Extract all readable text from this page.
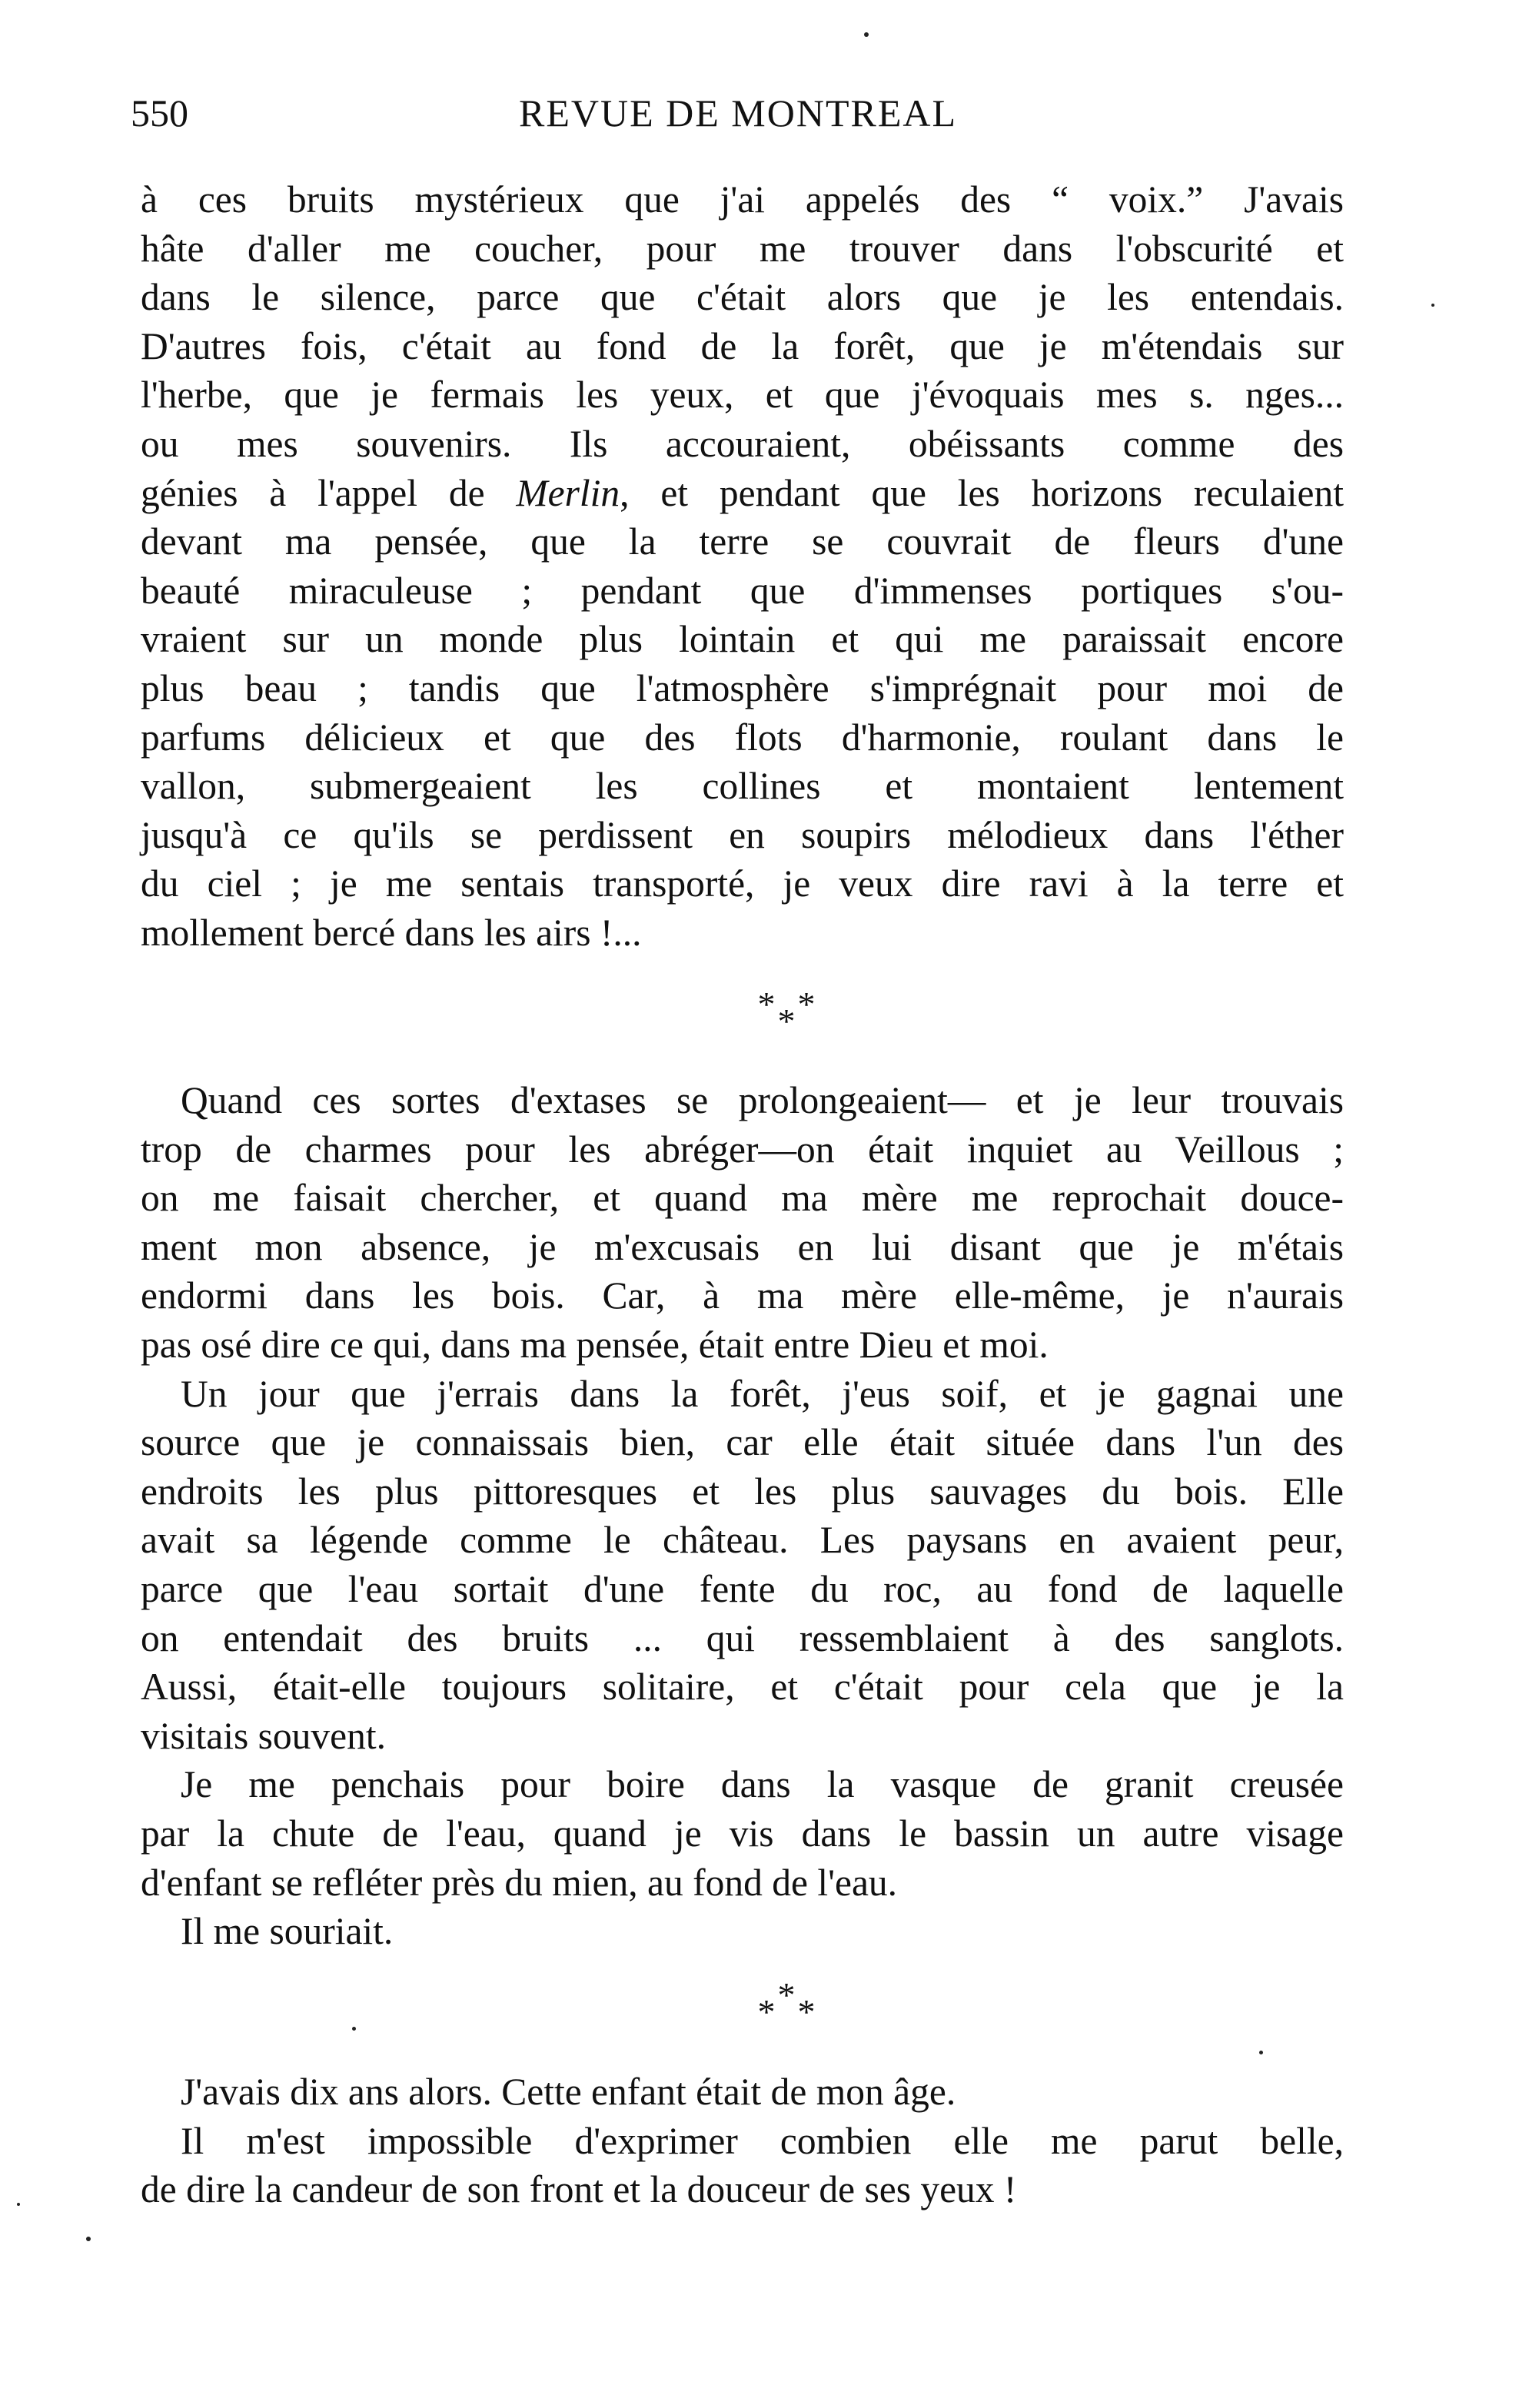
550	REVUE DE MONTREAL
à ces bruits mystérieux que j'ai appelés des “ voix.” J'avais
hâte d'aller me coucher, pour me trouver dans l'obscurité et
dans le silence, parce que c'était alors que je les entendais.
D'autres fois, c'était au fond de la forêt, que je m'étendais sur
l'herbe, que je fermais les yeux, et que j'évoquais mes s. nges...
ou mes souvenirs. Ils accouraient, obéissants comme des
génies à l'appel de Merlin, et pendant que les horizons reculaient
devant ma pensée, que la terre se couvrait de fleurs d'une
beauté miraculeuse ; pendant que d'immenses portiques s'ou-
vraient sur un monde plus lointain et qui me paraissait encore
plus beau ; tandis que l'atmosphère s'imprégnait pour moi de
parfums délicieux et que des flots d'harmonie, roulant dans le
vallon, submergeaient les collines et montaient lentement
jusqu'à ce qu'ils se perdissent en soupirs mélodieux dans l'éther
du ciel ; je me sentais transporté, je veux dire ravi à la terre et
mollement bercé dans les airs !...
* *
*
Quand ces sortes d'extases se prolongeaient— et je leur trouvais
trop de charmes pour les abréger—on était inquiet au Veillous ;
on me faisait chercher, et quand ma mère me reprochait douce-
ment mon absence, je m'excusais en lui disant que je m'étais
endormi dans les bois. Car, à ma mère elle-même, je n'aurais
pas osé dire ce qui, dans ma pensée, était entre Dieu et moi.
Un jour que j'errais dans la forêt, j'eus soif, et je gagnai une
source que je connaissais bien, car elle était située dans l'un des
endroits les plus pittoresques et les plus sauvages du bois. Elle
avait sa légende comme le château. Les paysans en avaient peur,
parce que l'eau sortait d'une fente du roc, au fond de laquelle
on entendait des bruits ... qui ressemblaient à des sanglots.
Aussi, était-elle toujours solitaire, et c'était pour cela que je la
visitais souvent.
Je me penchais pour boire dans la vasque de granit creusée
par la chute de l'eau, quand je vis dans le bassin un autre visage
d'enfant se refléter près du mien, au fond de l'eau.
Il me souriait.
*
* *
J'avais dix ans alors. Cette enfant était de mon âge.
Il m'est impossible d'exprimer combien elle me parut belle,
de dire la candeur de son front et la douceur de ses yeux !
